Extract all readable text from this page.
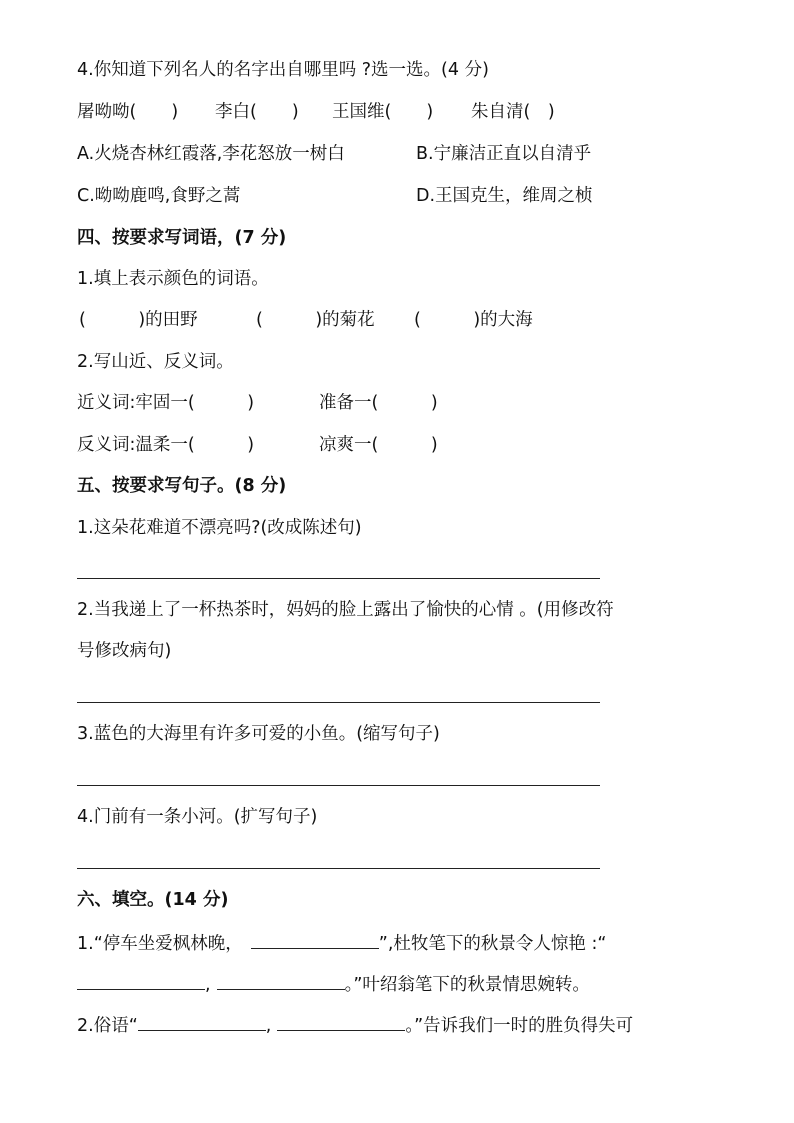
4.你知道下列名人的名字出自哪里吗 ?选一选。(4 分)
屠呦呦(　　) 李白(　　) 王国维(　　) 朱自清(　)
A.火烧杏林红霞落,李花怒放一树白	B.宁廉洁正直以自清乎
C.呦呦鹿鸣,食野之蒿	D.王国克生，维周之桢
四、按要求写词语，(7 分)
1.填上表示颜色的词语。
(　　　)的田野	(　　　)的菊花 (　　　)的大海
2.写山近、反义词。
近义词:牢固一(　　　)	准备一(　　　)
反义词:温柔一(　　　)	凉爽一(　　　)
五、按要求写句子。(8 分)
1.这朵花难道不漂亮吗?(改成陈述句)
2.当我递上了一杯热茶时，妈妈的脸上露出了愉快的心情 。(用修改符
号修改病句)
3.蓝色的大海里有许多可爱的小鱼。(缩写句子)
4.门前有一条小河。(扩写句子)
六、填空。(14 分)
1.“停车坐爱枫林晚，	”,杜牧笔下的秋景令人惊艳 :“
,	。”叶绍翁笔下的秋景情思婉转。
2.俗语“	,	。”告诉我们一时的胜负得失可
